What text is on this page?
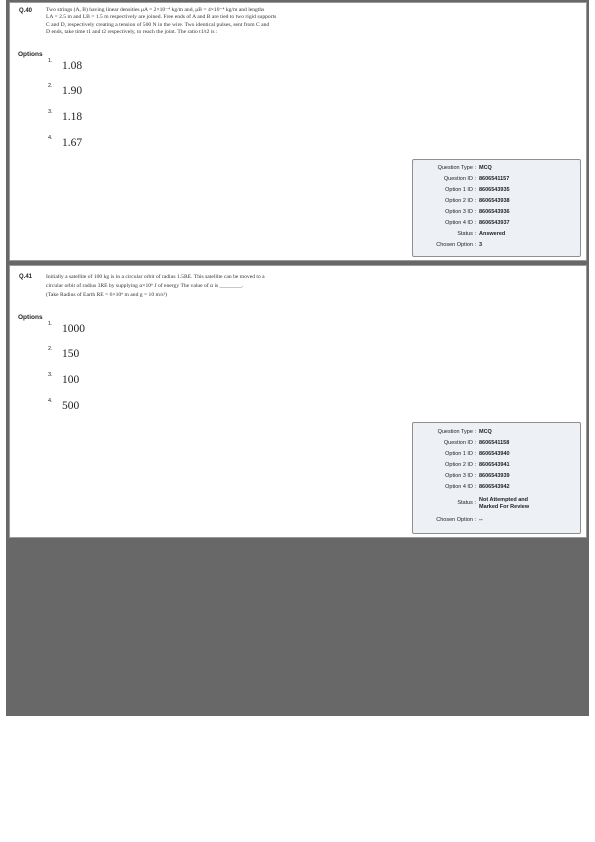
Q.40 Two strings (A, B) having linear densities μA = 2×10⁻⁴ kg/m and, μB = 4×10⁻⁴ kg/m and lengths
LA = 2.5 m and LB = 1.5 m respectively are joined. Free ends of A and B are tied to two rigid supports
C and D, respectively creating a tension of 500 N in the wire. Two identical pulses, sent from C and
D ends, take time t1 and t2 respectively, to reach the joint. The ratio t1/t2 is :
Options
1. 1.08
2. 1.90
3. 1.18
4. 1.67
Question Type : MCQ
Question ID : 8606541157
Option 1 ID : 8606543935
Option 2 ID : 8606543938
Option 3 ID : 8606543936
Option 4 ID : 8606543937
Status : Answered
Chosen Option : 3
Q.41 Initially a satellite of 100 kg is in a circular orbit of radius 1.5RE. This satellite can be moved to a
circular orbit of radius 3RE by supplying α×10⁶ J of energy The value of α is ________.
(Take Radius of Earth RE = 6×10⁶ m and g = 10 m/s²)
Options
1. 1000
2. 150
3. 100
4. 500
Question Type : MCQ
Question ID : 8606541158
Option 1 ID : 8606543940
Option 2 ID : 8606543941
Option 3 ID : 8606543939
Option 4 ID : 8606543942
Status : Not Attempted and
Marked For Review
Chosen Option : --
